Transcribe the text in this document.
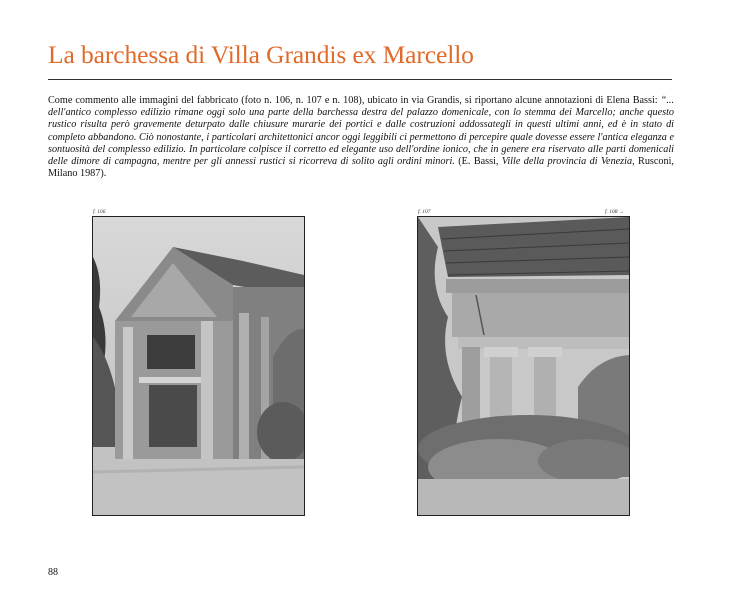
La barchessa di Villa Grandis ex Marcello
Come commento alle immagini del fabbricato (foto n. 106, n. 107 e n. 108), ubicato in via Grandis, si riportano alcune annotazioni di Elena Bassi: “... dell'antico complesso edilizio rimane oggi solo una parte della barchessa destra del palazzo domenicale, con lo stemma dei Marcello; anche questo rustico risulta però gravemente deturpato dalle chiusure murarie dei portici e dalle costruzioni addossategli in questi ultimi anni, ed è in stato di completo abbandono. Ciò nonostante, i particolari architettonici ancor oggi leggibili ci permettono di percepire quale dovesse essere l'antica eleganza e sontuosità del complesso edilizio. In particolare colpisce il corretto ed elegante uso dell'ordine ionico, che in genere era riservato alle parti domenicali delle dimore di campagna, mentre per gli annessi rustici si ricorreva di solito agli ordini minori. (E. Bassi, Ville della provincia di Venezia, Rusconi, Milano 1987).
f. 106	f. 107	f. 108 →
88
